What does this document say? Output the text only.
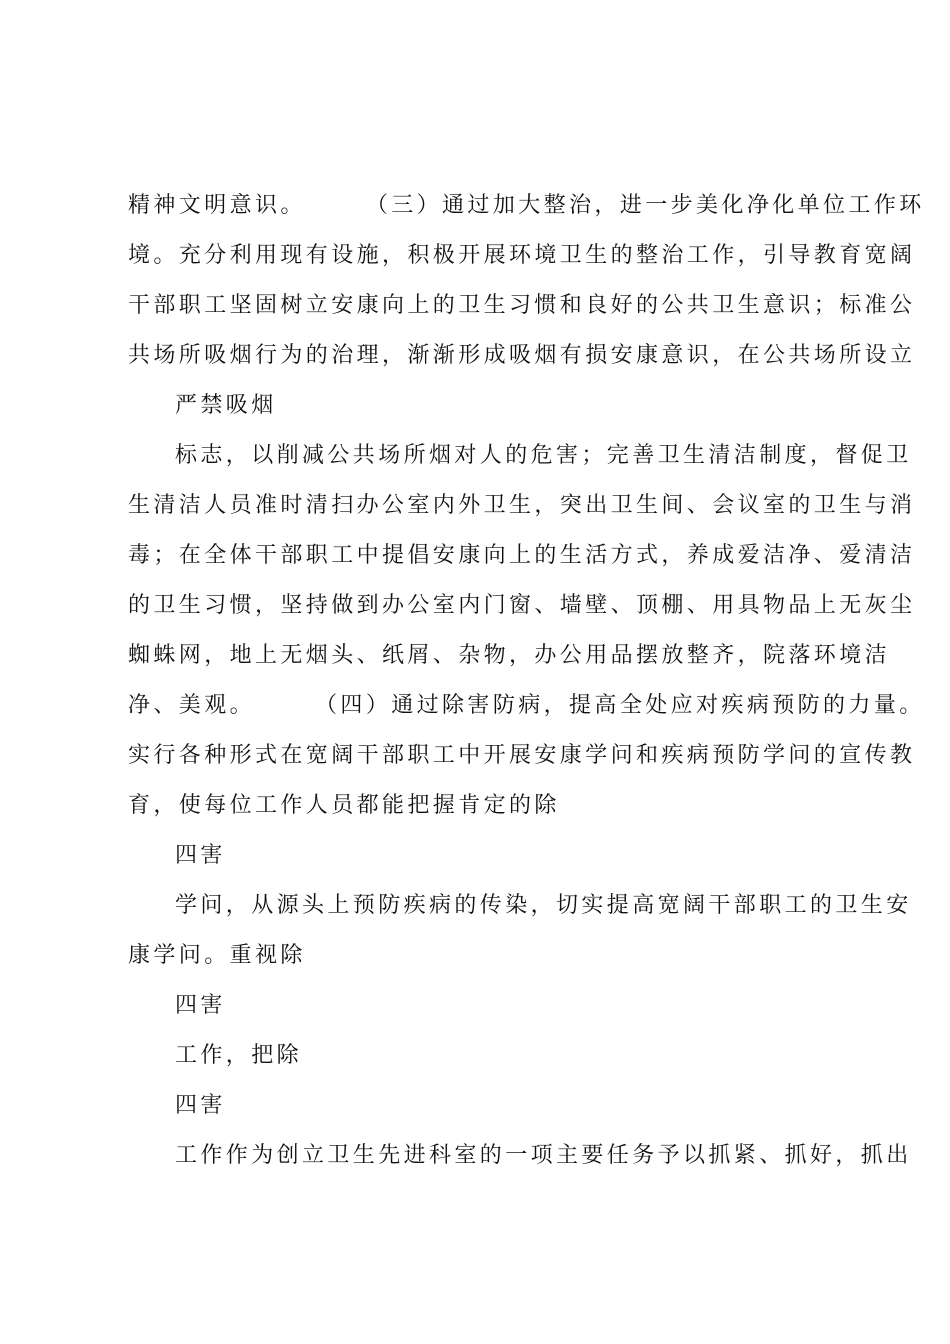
精神文明意识。	（三）通过加大整治，进一步美化净化单位工作环
境。充分利用现有设施，积极开展环境卫生的整治工作，引导教育宽阔
干部职工坚固树立安康向上的卫生习惯和良好的公共卫生意识；标准公
共场所吸烟行为的治理，渐渐形成吸烟有损安康意识，在公共场所设立
严禁吸烟
标志，以削减公共场所烟对人的危害；完善卫生清洁制度，督促卫
生清洁人员准时清扫办公室内外卫生，突出卫生间、会议室的卫生与消
毒；在全体干部职工中提倡安康向上的生活方式，养成爱洁净、爱清洁
的卫生习惯，坚持做到办公室内门窗、墙壁、顶棚、用具物品上无灰尘
蜘蛛网，地上无烟头、纸屑、杂物，办公用品摆放整齐，院落环境洁
净、美观。	（四）通过除害防病，提高全处应对疾病预防的力量。
实行各种形式在宽阔干部职工中开展安康学问和疾病预防学问的宣传教
育，使每位工作人员都能把握肯定的除
四害
学问，从源头上预防疾病的传染，切实提高宽阔干部职工的卫生安
康学问。重视除
四害
工作，把除
四害
工作作为创立卫生先进科室的一项主要任务予以抓紧、抓好，抓出
